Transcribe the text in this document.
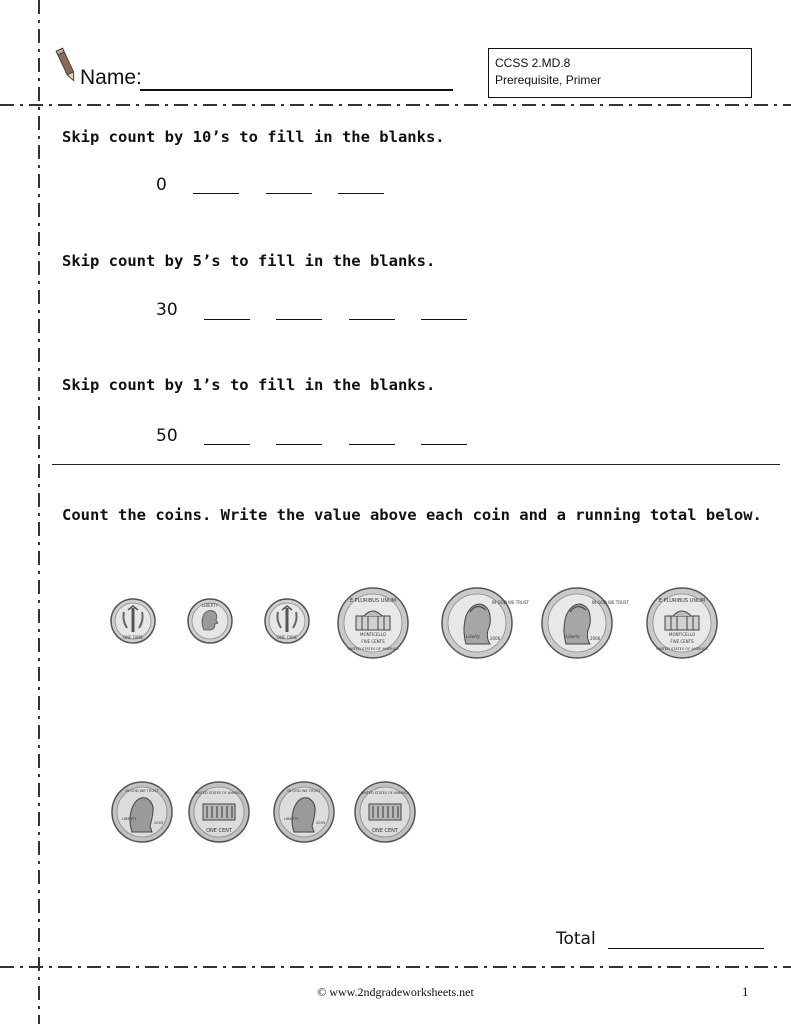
Name:
CCSS 2.MD.8
Prerequisite, Primer
Skip count by 10’s to fill in the blanks.
0
Skip count by 5’s to fill in the blanks.
30
Skip count by 1’s to fill in the blanks.
50
Count the coins. Write the value above each coin and a running total below.
ONE DIME
LIBERTY
ONE DIME
E PLURIBUS UNUM
MONTICELLO
FIVE CENTS
UNITED STATES OF AMERICA
IN GOD WE TRUST
Liberty	2006
IN GOD WE TRUST
Liberty	2006
E PLURIBUS UNUM
MONTICELLO
FIVE CENTS
UNITED STATES OF AMERICA
IN GOD WE TRUST
LIBERTY
2003
UNITED STATES OF AMERICA
ONE CENT
IN GOD WE TRUST
LIBERTY
2003
UNITED STATES OF AMERICA
ONE CENT
Total
© www.2ndgradeworksheets.net	1
